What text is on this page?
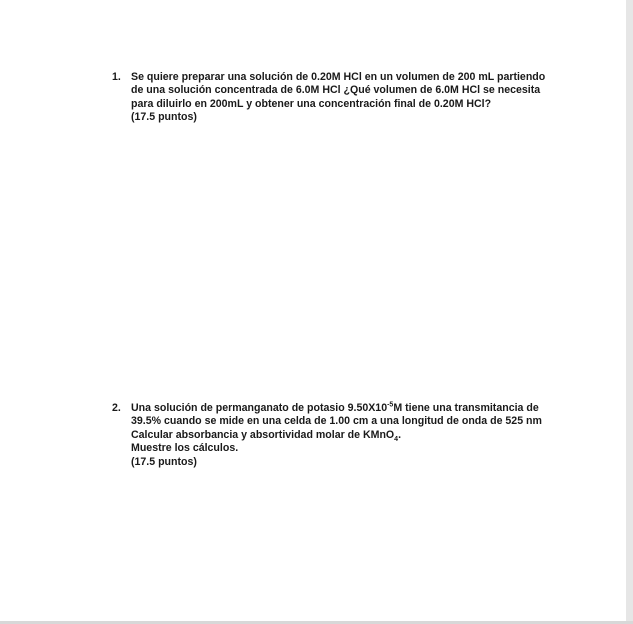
1. Se quiere preparar una solución de 0.20M HCl en un volumen de 200 mL partiendo
de una solución concentrada de 6.0M HCl ¿Qué volumen de 6.0M HCl se necesita
para diluirlo en 200mL y obtener una concentración final de 0.20M HCl?
(17.5 puntos)
2. Una solución de permanganato de potasio $9.50X10^{-5}M$ tiene una transmitancia de
39.5% cuando se mide en una celda de 1.00 cm a una longitud de onda de 525 nm
Calcular absorbancia y absortividad molar de KMnO$_4$.
Muestre los cálculos.
(17.5 puntos)
